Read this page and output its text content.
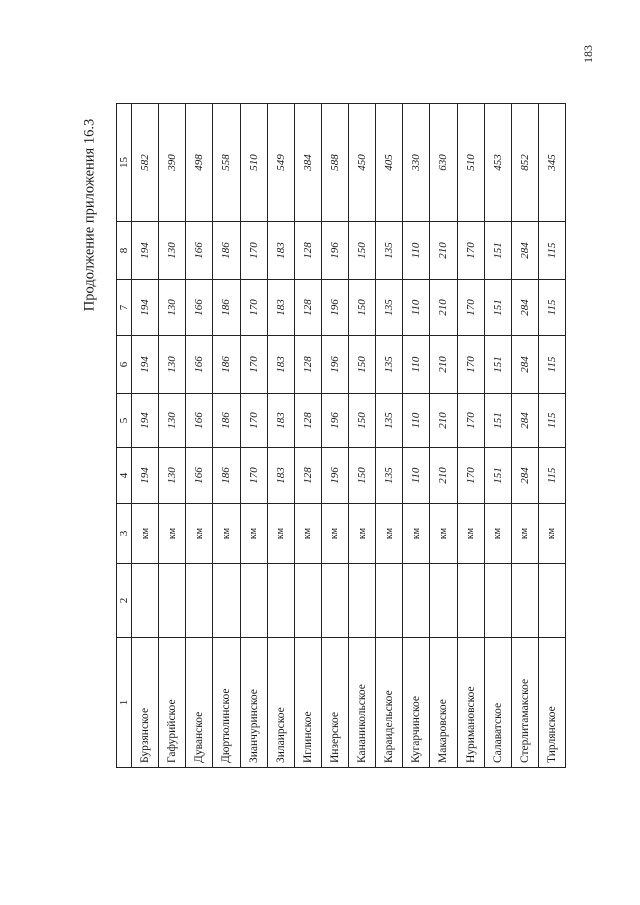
183
Продолжение приложения 16.3
1	2	3	4	5	6	7	8	15
Бурзянское		км	194	194	194	194	194	582
Гафурийское		км	130	130	130	130	130	390
Дуванское		км	166	166	166	166	166	498
Дюртюлинское		км	186	186	186	186	186	558
Зианчуринское		км	170	170	170	170	170	510
Зилаирское		км	183	183	183	183	183	549
Иглинское		км	128	128	128	128	128	384
Инзерское		км	196	196	196	196	196	588
Кананикольское		км	150	150	150	150	150	450
Караидельское		км	135	135	135	135	135	405
Кугарчинское		км	110	110	110	110	110	330
Макаровское		км	210	210	210	210	210	630
Нуримановское		км	170	170	170	170	170	510
Салаватское		км	151	151	151	151	151	453
Стерлитамакское		км	284	284	284	284	284	852
Тирлянское		км	115	115	115	115	115	345
